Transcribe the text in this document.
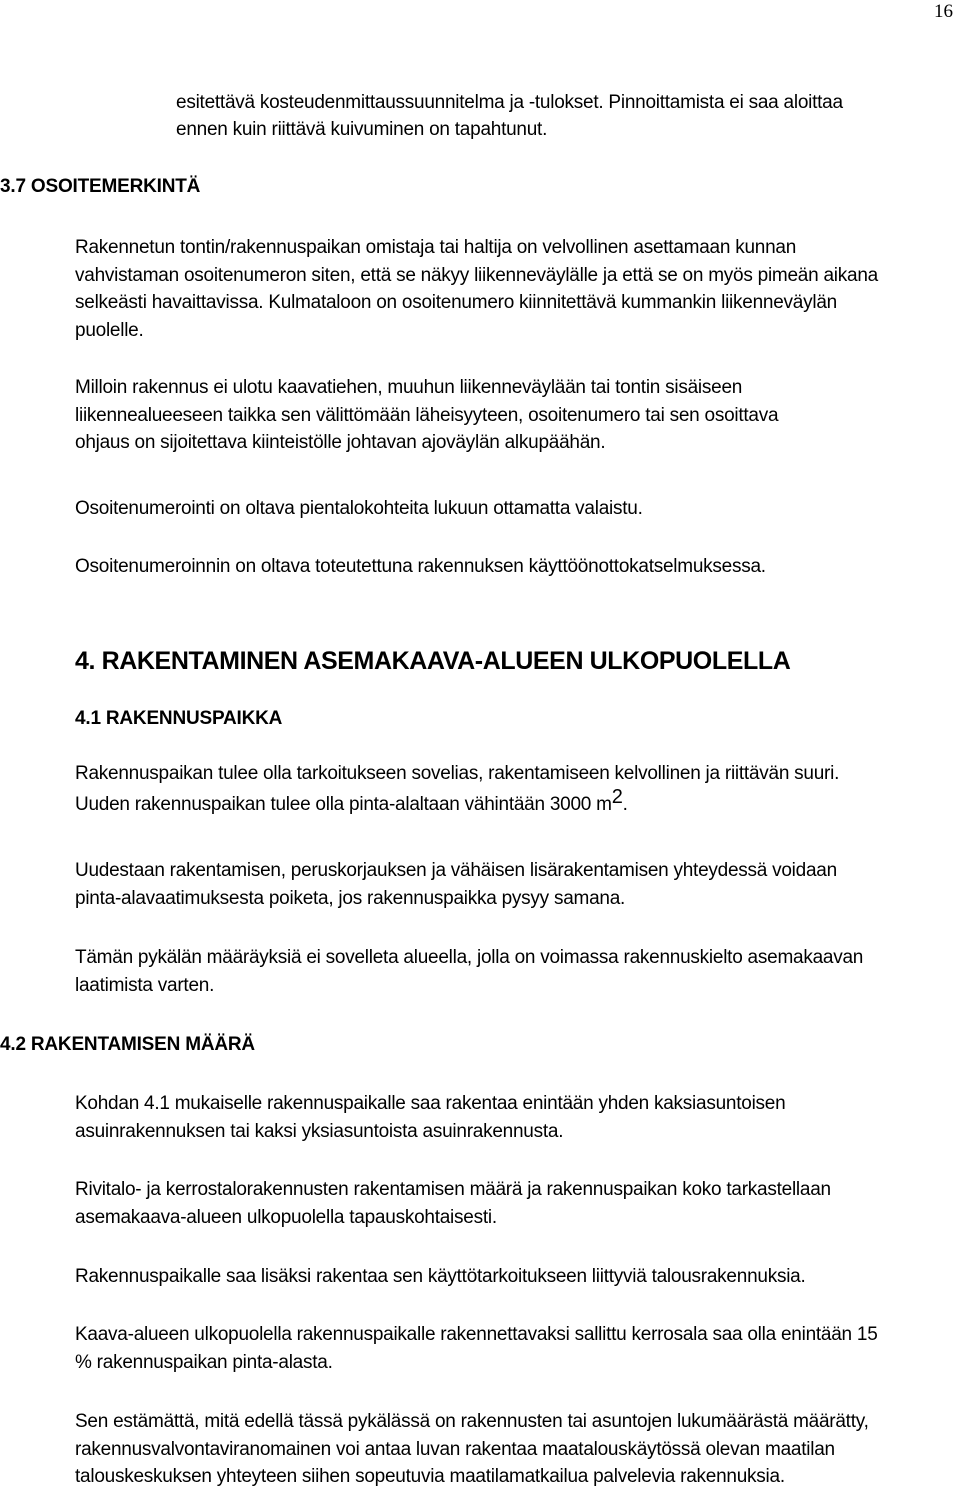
16
esitettävä kosteudenmittaussuunnitelma ja -tulokset. Pinnoittamista ei saa aloittaa
ennen kuin riittävä kuivuminen on tapahtunut.
3.7 OSOITEMERKINTÄ
Rakennetun tontin/rakennuspaikan omistaja tai haltija on velvollinen asettamaan kunnan
vahvistaman osoitenumeron siten, että se näkyy liikenneväylälle ja että se on myös pimeän aikana
selkeästi havaittavissa. Kulmataloon on osoitenumero kiinnitettävä kummankin liikenneväylän
puolelle.
Milloin rakennus ei ulotu kaavatiehen, muuhun liikenneväylään tai tontin sisäiseen
liikennealueeseen taikka sen välittömään läheisyyteen, osoitenumero tai sen osoittava
ohjaus on sijoitettava kiinteistölle johtavan ajoväylän alkupäähän.
Osoitenumerointi on oltava pientalokohteita lukuun ottamatta valaistu.
Osoitenumeroinnin on oltava toteutettuna rakennuksen käyttöönottokatselmuksessa.
4. RAKENTAMINEN ASEMAKAAVA-ALUEEN ULKOPUOLELLA
4.1 RAKENNUSPAIKKA
Rakennuspaikan tulee olla tarkoitukseen sovelias, rakentamiseen kelvollinen ja riittävän suuri.
Uuden rakennuspaikan tulee olla pinta-alaltaan vähintään 3000 $m^2$.
Uudestaan rakentamisen, peruskorjauksen ja vähäisen lisärakentamisen yhteydessä voidaan
pinta-alavaatimuksesta poiketa, jos rakennuspaikka pysyy samana.
Tämän pykälän määräyksiä ei sovelleta alueella, jolla on voimassa rakennuskielto asemakaavan
laatimista varten.
4.2 RAKENTAMISEN MÄÄRÄ
Kohdan 4.1 mukaiselle rakennuspaikalle saa rakentaa enintään yhden kaksiasuntoisen
asuinrakennuksen tai kaksi yksiasuntoista asuinrakennusta.
Rivitalo- ja kerrostalorakennusten rakentamisen määrä ja rakennuspaikan koko tarkastellaan
asemakaava-alueen ulkopuolella tapauskohtaisesti.
Rakennuspaikalle saa lisäksi rakentaa sen käyttötarkoitukseen liittyviä talousrakennuksia.
Kaava-alueen ulkopuolella rakennuspaikalle rakennettavaksi sallittu kerrosala saa olla enintään 15
% rakennuspaikan pinta-alasta.
Sen estämättä, mitä edellä tässä pykälässä on rakennusten tai asuntojen lukumäärästä määrätty,
rakennusvalvontaviranomainen voi antaa luvan rakentaa maatalouskäytössä olevan maatilan
talouskeskuksen yhteyteen siihen sopeutuvia maatilamatkailua palvelevia rakennuksia.
